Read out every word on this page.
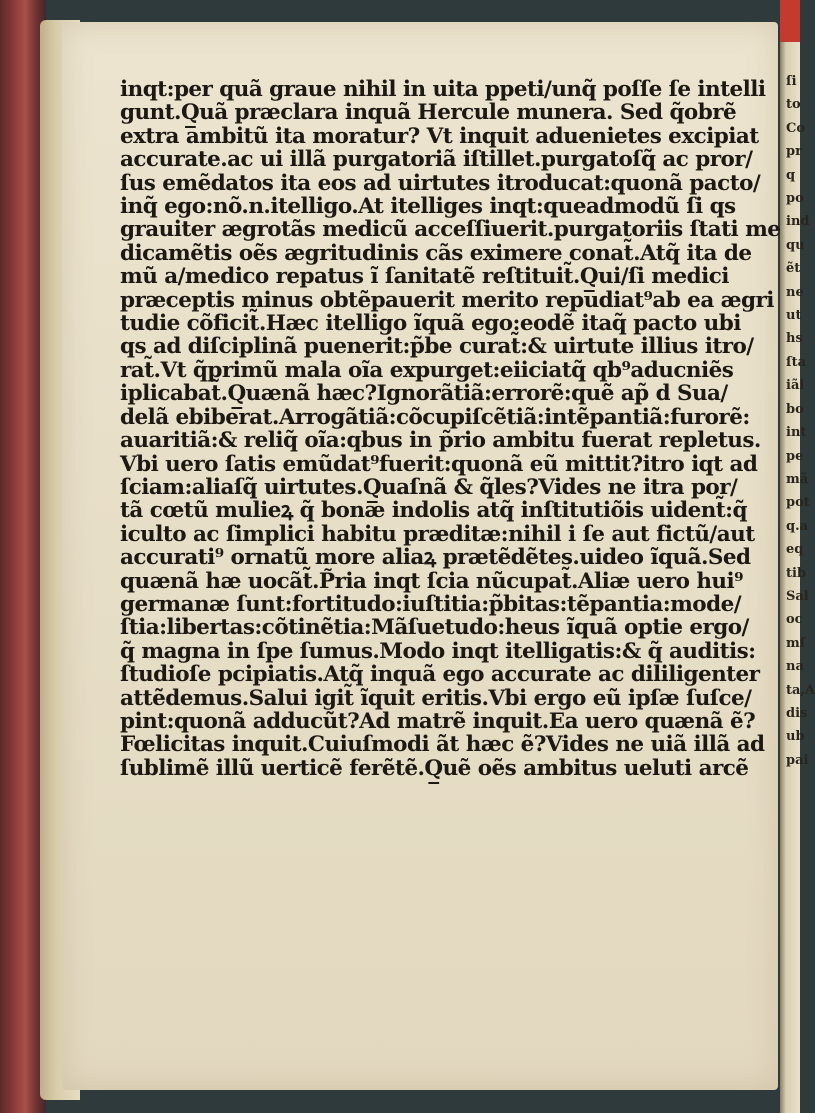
inqt:per quã graue nihil in uita ppeti/unq̃ poſſe ſe intelli
gunt.Q̲uã præclara inquã Hercule munera. Sed q̃obrẽ
extra ambitũ ita moratur? Vt inquit aduenietes excipiat
accurate.ac ui illã purgatoriã iſtillet.purgatoſq̃ ac pror/
ſus emẽdatos ita eos ad uirtutes itroducat:quonã pacto/
inq̃ ego:nõ.n.itelligo.At itelliges inqt:queadmodũ ſi qs
grauiter ægrotãs medicũ acceſſiuerit.purgatoriis ſtati me
dicamẽtis oẽs ægritudinis cãs eximere conat̃.Atq̃ ita de
mũ a/medico repatus ĩ ſanitatẽ reſtituit̃.Q̲ui/ſi medici
præceptis minus obtẽpauerit merito repudiat⁹ab ea ægri
tudie cõficit̃.Hæc itelligo ĩquã ego:eodẽ itaq̃ pacto ubi
qs ad diſciplinã puenerit:p̃be curat̃:& uirtute illius itro/
rat̃.Vt q̃primũ mala oĩa expurget:eiiciatq̃ qb⁹aducniẽs
iplicabat̃.Q̲uænã hæc?Ignorãtiã:errorẽ:quẽ ap̃ d Sua/
delã ebiberat.Arrogãtiã:cõcupiſcẽtiã:intẽpantiã:furorẽ:
auaritiã:& reliq̃ oĩa:qbus in p̃rio ambitu fuerat repletus.
Vbi uero ſatis emũdat⁹fuerit:quonã eũ mittit?itro iqt ad
ſciam:aliaſq̃ uirtutes.Q̲uaſnã & q̃les?Vides ne itra por/
tã cœtũ mulieꝝ q̃ bonæ indolis atq̃ inſtitutiõis uident̃:q̃
iculto ac ſimplici habitu præditæ:nihil i ſe aut fictũ/aut
accurati⁹ ornatũ more aliaꝝ prætẽdẽtes.uideo ĩquã.Sed
quænã hæ uocãt̃.P̃ria inqt ſcia nũcupat̃.Aliæ uero hui⁹
germanæ ſunt:fortitudo:iuſtitia:p̃bitas:tẽpantia:mode/
ſtia:libertas:cõtinẽtia:Mãſuetudo:heus ĩquã optie ergo/
q̃ magna in ſpe ſumus.Modo inqt itelligatis:& q̃ auditis:
ſtudioſe pcipiatis.Atq̃ inquã ego accurate ac dililigenter
attẽdemus.Salui igit̃ ĩquit eritis.Vbi ergo eũ ipſæ ſuſce/
pint:quonã adducũt?Ad matrẽ inquit.Ea uero quænã ẽ?
Fœlicitas inquit.Cuiuſmodi ãt hæc ẽ?Vides ne uiã illã ad
ſublimẽ illũ uerticẽ ferẽtẽ.Q̲uẽ oẽs ambitus ueluti arcẽ
ſi
to
Co
pr
q
po
ind
qu
ẽt
ne
ut
hs
ſta
iãi
bo
int
pe
mã
pot
q.a
eq
tib
Sal
oc
mſ
na
ta,A
dis
ub
pai
